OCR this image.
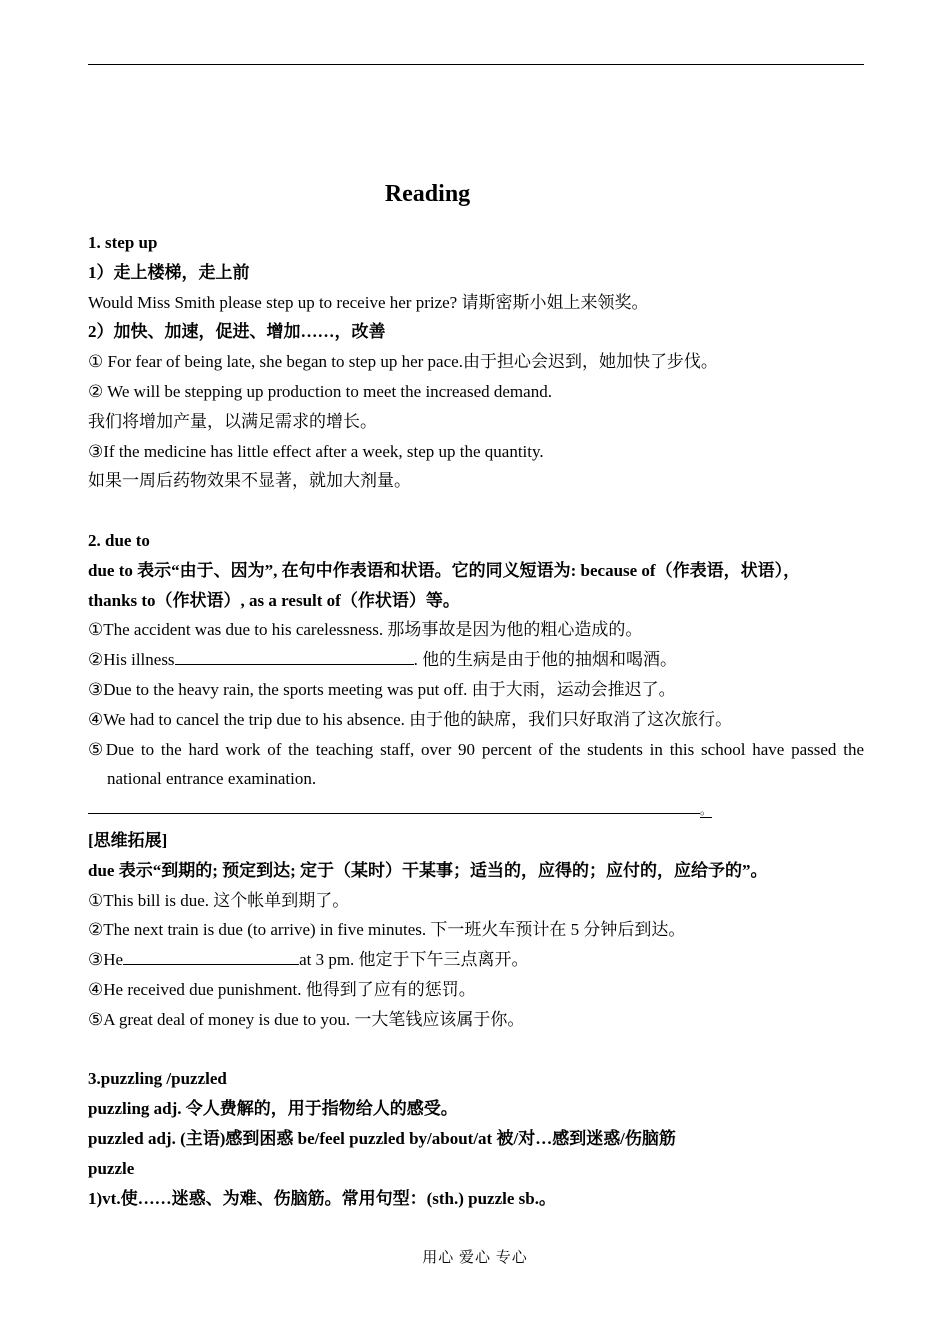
Reading
1. step up
1）走上楼梯，走上前
Would Miss Smith please step up to receive her prize? 请斯密斯小姐上来领奖。
2）加快、加速，促进、增加……，改善
① For fear of being late, she began to step up her pace.由于担心会迟到，她加快了步伐。
② We will be stepping up production to meet the increased demand.
我们将增加产量，以满足需求的增长。
③If the medicine has little effect after a week, step up the quantity.
如果一周后药物效果不显著，就加大剂量。
2. due to
due to 表示“由于、因为”, 在句中作表语和状语。它的同义短语为: because of（作表语，状语），
thanks to（作状语）, as a result of（作状语）等。
①The accident was due to his carelessness. 那场事故是因为他的粗心造成的。
②His illness	. 他的生病是由于他的抽烟和喝酒。
③Due to the heavy rain, the sports meeting was put off. 由于大雨，运动会推迟了。
④We had to cancel the trip due to his absence. 由于他的缺席，我们只好取消了这次旅行。
⑤Due to the hard work of the teaching staff, over 90 percent of the students in this school have passed the national entrance examination.
。
[思维拓展]
due 表示“到期的; 预定到达; 定于（某时）干某事；适当的，应得的；应付的，应给予的”。
①This bill is due. 这个帐单到期了。
②The next train is due (to arrive) in five minutes. 下一班火车预计在 5 分钟后到达。
③He	at 3 pm. 他定于下午三点离开。
④He received due punishment. 他得到了应有的惩罚。
⑤A great deal of money is due to you. 一大笔钱应该属于你。
3.puzzling /puzzled
puzzling adj. 令人费解的，用于指物给人的感受。
puzzled adj. (主语)感到困惑 be/feel puzzled by/about/at 被/对…感到迷惑/伤脑筋
puzzle
1)vt.使……迷惑、为难、伤脑筋。常用句型：(sth.) puzzle sb.。
用心 爱心 专心
